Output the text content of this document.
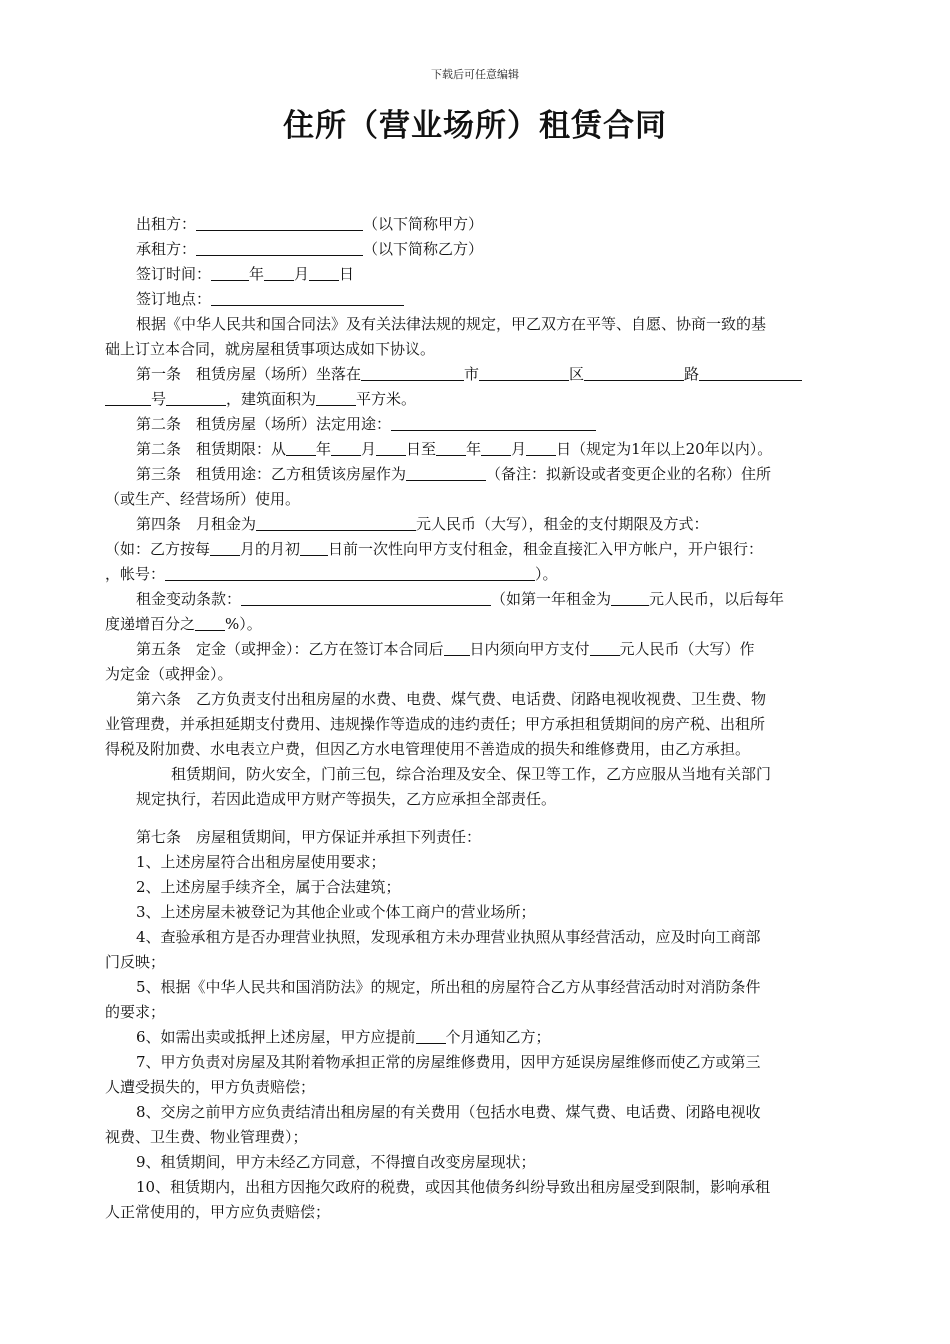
下载后可任意编辑
住所（营业场所）租赁合同
出租方：	（以下简称甲方）
承租方：	（以下简称乙方）
签订时间：	年 月 日
签订地点：
根据《中华人民共和国合同法》及有关法律法规的规定，甲乙双方在平等、自愿、协商一致的基
础上订立本合同，就房屋租赁事项达成如下协议。
第一条　租赁房屋（场所）坐落在	市	区	路
号	，建筑面积为	平方米。
第二条　租赁房屋（场所）法定用途：
第二条　租赁期限：从 年 月 日至 年 月 日（规定为1年以上20年以内）。
第三条　租赁用途：乙方租赁该房屋作为	（备注：拟新设或者变更企业的名称）住所
（或生产、经营场所）使用。
第四条　月租金为	元人民币（大写），租金的支付期限及方式：
（如：乙方按每 月的月初 日前一次性向甲方支付租金，租金直接汇入甲方帐户，开户银行：
，帐号：	）。
租金变动条款：	（如第一年租金为	元人民币，以后每年
度递增百分之 %）。
第五条　定金（或押金）：乙方在签订本合同后 日内须向甲方支付 元人民币（大写）作
为定金（或押金）。
第六条　乙方负责支付出租房屋的水费、电费、煤气费、电话费、闭路电视收视费、卫生费、物
业管理费，并承担延期支付费用、违规操作等造成的违约责任；甲方承担租赁期间的房产税、出租所
得税及附加费、水电表立户费，但因乙方水电管理使用不善造成的损失和维修费用，由乙方承担。
租赁期间，防火安全，门前三包，综合治理及安全、保卫等工作，乙方应服从当地有关部门
规定执行，若因此造成甲方财产等损失，乙方应承担全部责任。
第七条　房屋租赁期间，甲方保证并承担下列责任：
1、上述房屋符合出租房屋使用要求；
2、上述房屋手续齐全，属于合法建筑；
3、上述房屋未被登记为其他企业或个体工商户的营业场所；
4、查验承租方是否办理营业执照，发现承租方未办理营业执照从事经营活动，应及时向工商部
门反映；
5、根据《中华人民共和国消防法》的规定，所出租的房屋符合乙方从事经营活动时对消防条件
的要求；
6、如需出卖或抵押上述房屋，甲方应提前 个月通知乙方；
7、甲方负责对房屋及其附着物承担正常的房屋维修费用，因甲方延误房屋维修而使乙方或第三
人遭受损失的，甲方负责赔偿；
8、交房之前甲方应负责结清出租房屋的有关费用（包括水电费、煤气费、电话费、闭路电视收
视费、卫生费、物业管理费）；
9、租赁期间，甲方未经乙方同意，不得擅自改变房屋现状；
10、租赁期内，出租方因拖欠政府的税费，或因其他债务纠纷导致出租房屋受到限制，影响承租
人正常使用的，甲方应负责赔偿；
